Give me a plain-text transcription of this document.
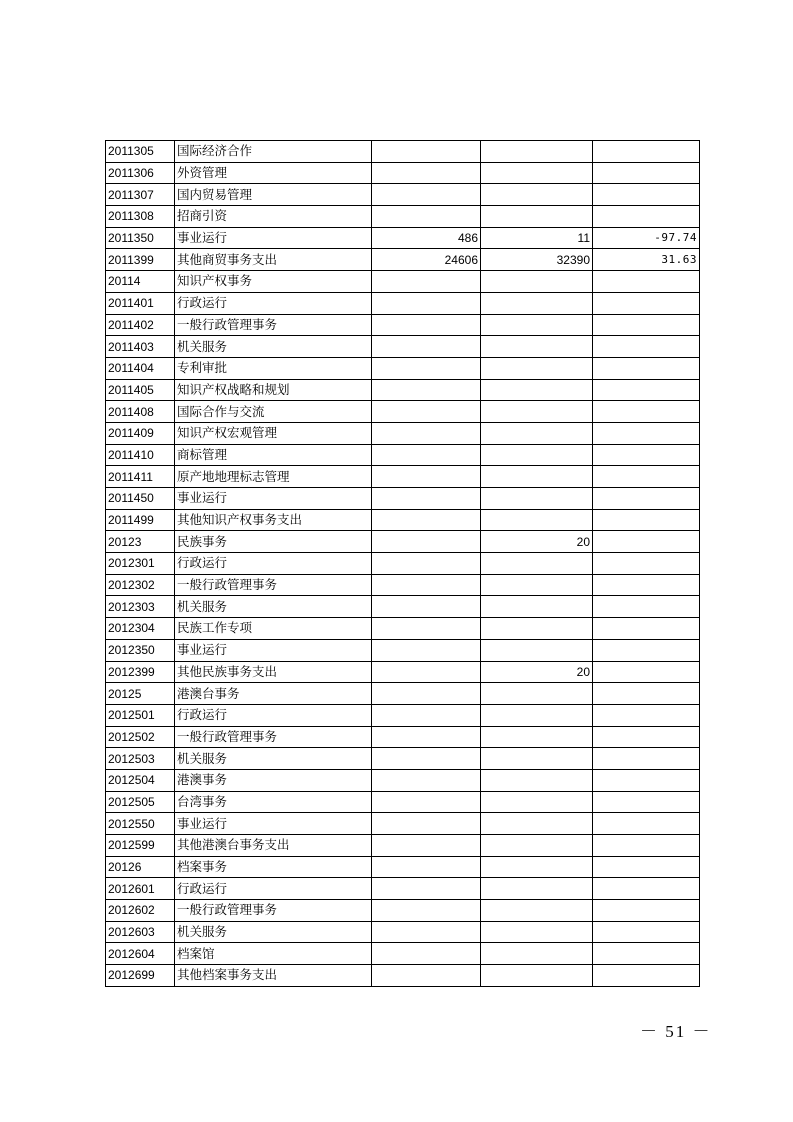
2011305	国际经济合作			
2011306	外资管理			
2011307	国内贸易管理			
2011308	招商引资			
2011350	事业运行	486	11	-97.74
2011399	其他商贸事务支出	24606	32390	31.63
20114	知识产权事务			
2011401	行政运行			
2011402	一般行政管理事务			
2011403	机关服务			
2011404	专利审批			
2011405	知识产权战略和规划			
2011408	国际合作与交流			
2011409	知识产权宏观管理			
2011410	商标管理			
2011411	原产地地理标志管理			
2011450	事业运行			
2011499	其他知识产权事务支出			
20123	民族事务		20	
2012301	行政运行			
2012302	一般行政管理事务			
2012303	机关服务			
2012304	民族工作专项			
2012350	事业运行			
2012399	其他民族事务支出		20	
20125	港澳台事务			
2012501	行政运行			
2012502	一般行政管理事务			
2012503	机关服务			
2012504	港澳事务			
2012505	台湾事务			
2012550	事业运行			
2012599	其他港澳台事务支出			
20126	档案事务			
2012601	行政运行			
2012602	一般行政管理事务			
2012603	机关服务			
2012604	档案馆			
2012699	其他档案事务支出			
－ 51 －
